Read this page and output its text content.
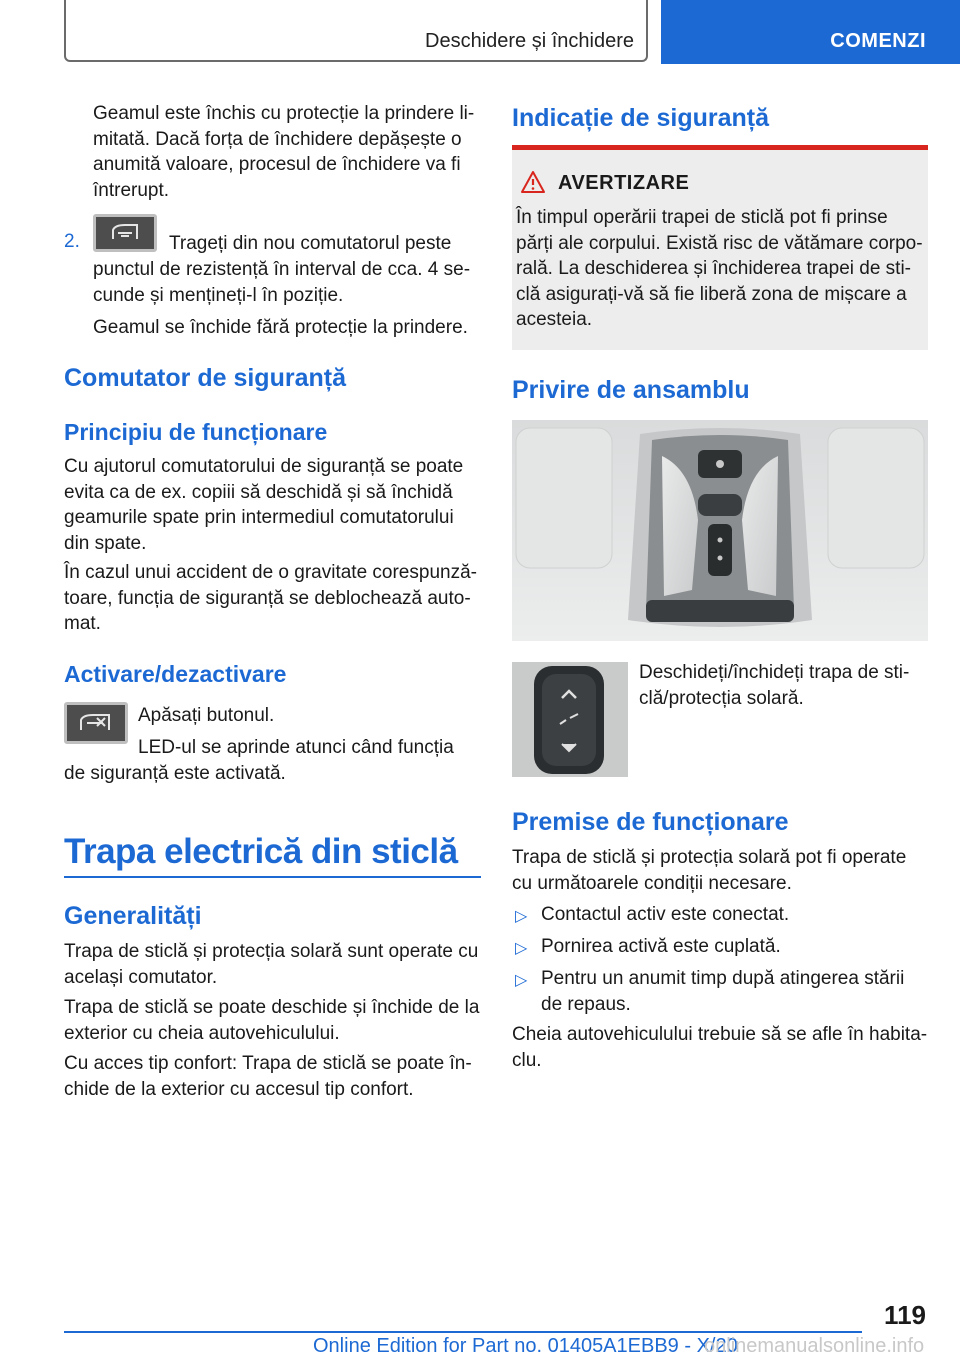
Deschidere și închidere	COMENZI
Geamul este închis cu protecție la prindere li-
mitată. Dacă forța de închidere depășește o
anumită valoare, procesul de închidere va fi
întrerupt.
2.	Trageți din nou comutatorul peste
punctul de rezistență în interval de cca. 4 se-
cunde și mențineți-l în poziție.
Geamul se închide fără protecție la prindere.
Comutator de siguranță
Principiu de funcționare
Cu ajutorul comutatorului de siguranță se poate
evita ca de ex. copiii să deschidă și să închidă
geamurile spate prin intermediul comutatorului
din spate.
În cazul unui accident de o gravitate corespunză-
toare, funcția de siguranță se deblochează auto-
mat.
Activare/dezactivare
Apăsați butonul.
LED-ul se aprinde atunci când funcția
de siguranță este activată.
Trapa electrică din sticlă
Generalități
Trapa de sticlă și protecția solară sunt operate cu
același comutator.
Trapa de sticlă se poate deschide și închide de la
exterior cu cheia autovehiculului.
Cu acces tip confort: Trapa de sticlă se poate în-
chide de la exterior cu accesul tip confort.
Indicație de siguranță
AVERTIZARE
În timpul operării trapei de sticlă pot fi prinse
părți ale corpului. Există risc de vătămare corpo-
rală. La deschiderea și închiderea trapei de sti-
clă asigurați-vă să fie liberă zona de mișcare a
acesteia.
Privire de ansamblu
Deschideți/închideți trapa de sti-
clă/protecția solară.
Premise de funcționare
Trapa de sticlă și protecția solară pot fi operate
cu următoarele condiții necesare.
▷ Contactul activ este conectat.
▷ Pornirea activă este cuplată.
▷ Pentru un anumit timp după atingerea stării
de repaus.
Cheia autovehiculului trebuie să se afle în habita-
clu.
119
Online Edition for Part no. 01405A1EBB9 - X/20
onlinemanualsonline.info
